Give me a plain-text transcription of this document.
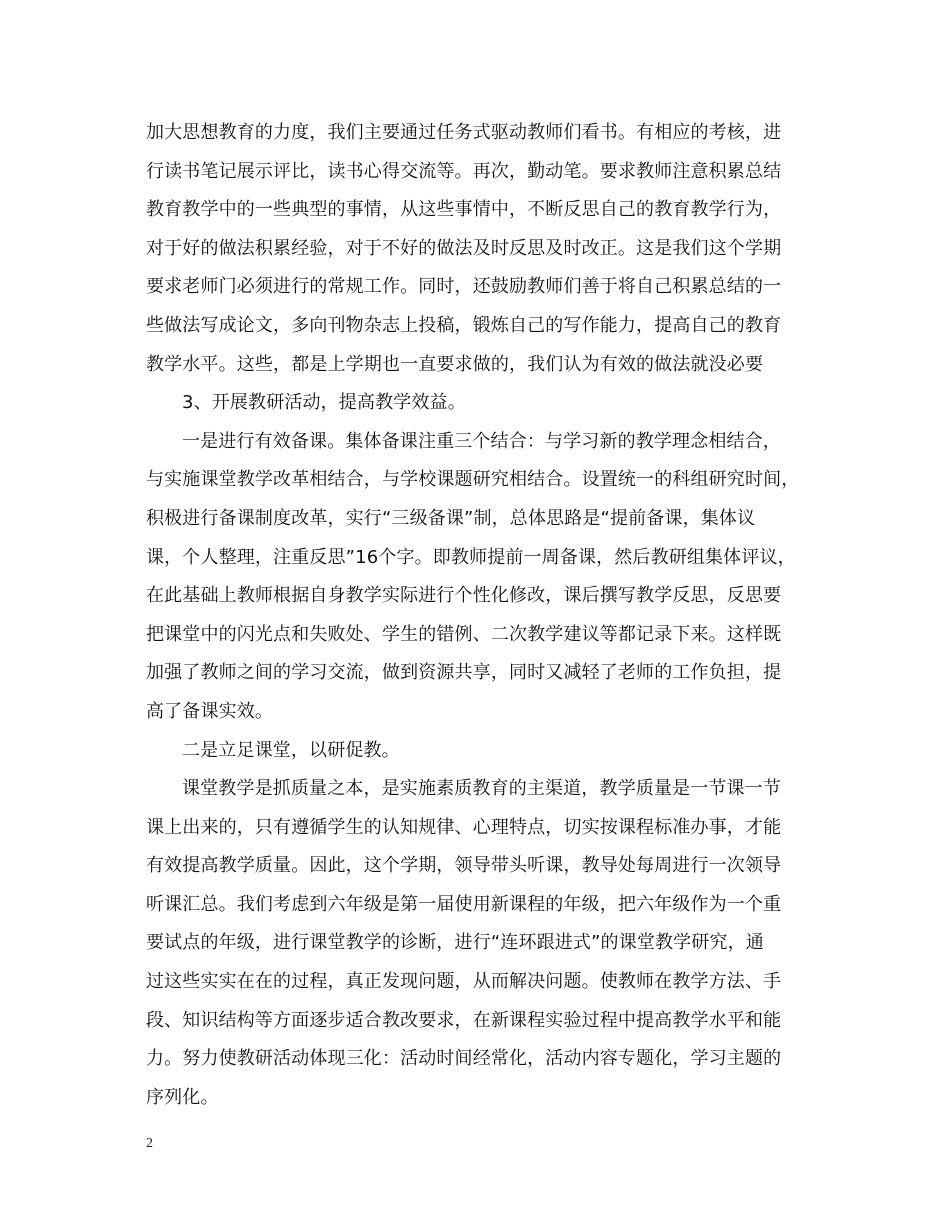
加大思想教育的力度，我们主要通过任务式驱动教师们看书。有相应的考核，进
行读书笔记展示评比，读书心得交流等。再次，勤动笔。要求教师注意积累总结
教育教学中的一些典型的事情，从这些事情中，不断反思自己的教育教学行为，
对于好的做法积累经验，对于不好的做法及时反思及时改正。这是我们这个学期
要求老师门必须进行的常规工作。同时，还鼓励教师们善于将自己积累总结的一
些做法写成论文，多向刊物杂志上投稿，锻炼自己的写作能力，提高自己的教育
教学水平。这些，都是上学期也一直要求做的，我们认为有效的做法就没必要
3、开展教研活动，提高教学效益。
一是进行有效备课。集体备课注重三个结合：与学习新的教学理念相结合，
与实施课堂教学改革相结合，与学校课题研究相结合。设置统一的科组研究时间，
积极进行备课制度改革，实行“三级备课”制，总体思路是“提前备课，集体议
课，个人整理，注重反思”16个字。即教师提前一周备课，然后教研组集体评议，
在此基础上教师根据自身教学实际进行个性化修改，课后撰写教学反思，反思要
把课堂中的闪光点和失败处、学生的错例、二次教学建议等都记录下来。这样既
加强了教师之间的学习交流，做到资源共享，同时又减轻了老师的工作负担，提
高了备课实效。
二是立足课堂，以研促教。
课堂教学是抓质量之本，是实施素质教育的主渠道，教学质量是一节课一节
课上出来的，只有遵循学生的认知规律、心理特点，切实按课程标准办事，才能
有效提高教学质量。因此，这个学期，领导带头听课，教导处每周进行一次领导
听课汇总。我们考虑到六年级是第一届使用新课程的年级，把六年级作为一个重
要试点的年级，进行课堂教学的诊断，进行“连环跟进式”的课堂教学研究，通
过这些实实在在的过程，真正发现问题，从而解决问题。使教师在教学方法、手
段、知识结构等方面逐步适合教改要求，在新课程实验过程中提高教学水平和能
力。努力使教研活动体现三化：活动时间经常化，活动内容专题化，学习主题的
序列化。
2
